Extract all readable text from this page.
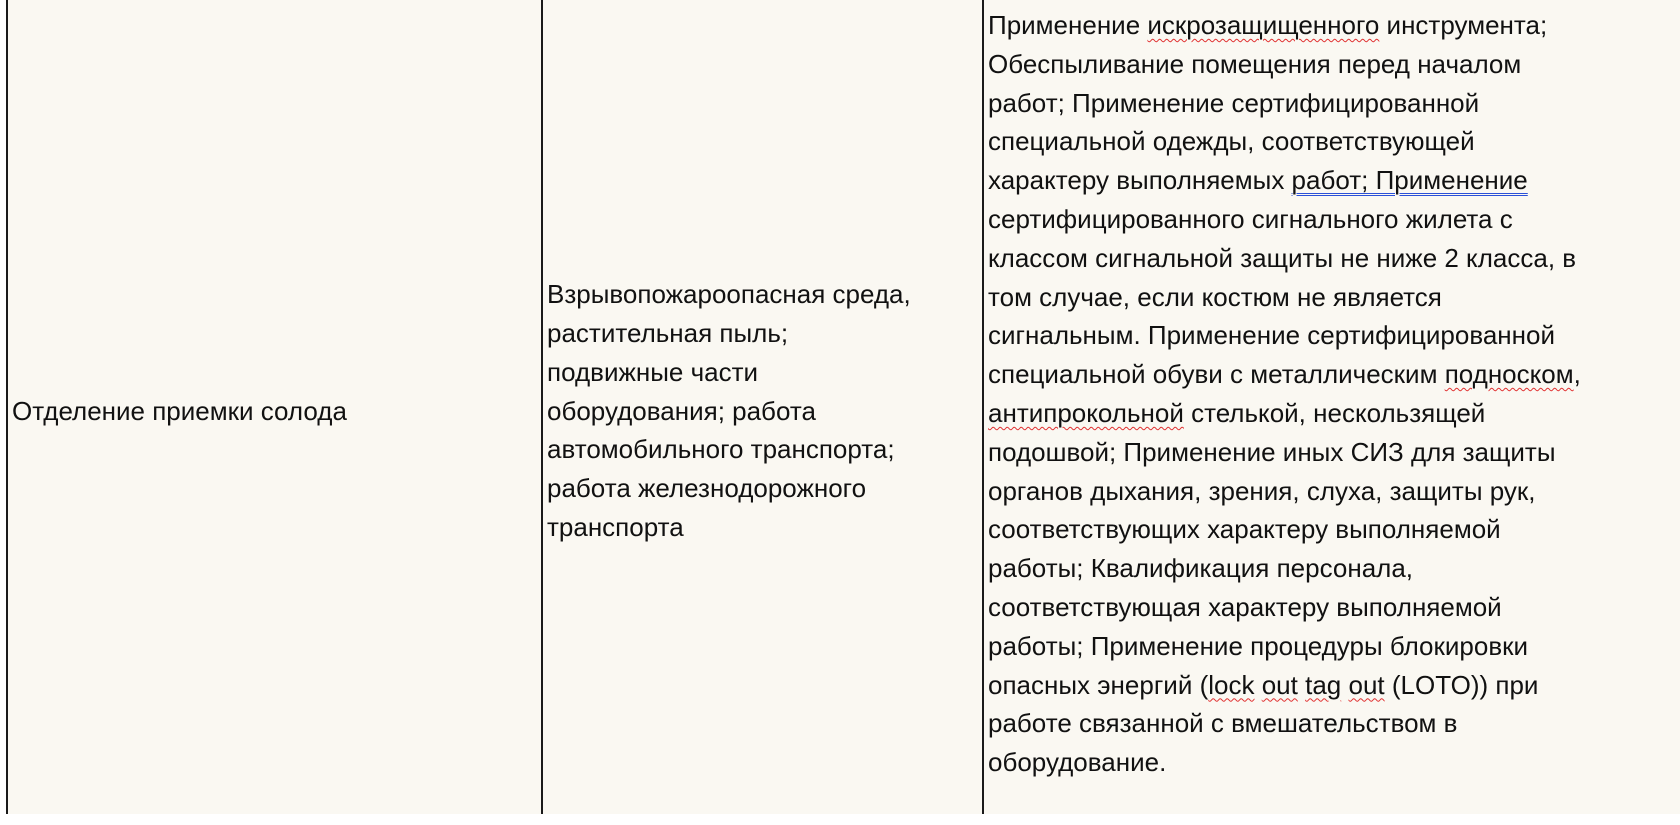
Отделение приемки солода	Взрывопожароопасная среда,
растительная пыль;
подвижные части
оборудования; работа
автомобильного транспорта;
работа железнодорожного
транспорта	Применение искрозащищенного инструмента;
Обеспыливание помещения перед началом
работ; Применение сертифицированной
специальной одежды, соответствующей
характеру выполняемых работ; Применение
сертифицированного сигнального жилета с
классом сигнальной защиты не ниже 2 класса, в
том случае, если костюм не является
сигнальным. Применение сертифицированной
специальной обуви с металлическим подноском,
антипрокольной стелькой, нескользящей
подошвой; Применение иных СИЗ для защиты
органов дыхания, зрения, слуха, защиты рук,
соответствующих характеру выполняемой
работы; Квалификация персонала,
соответствующая характеру выполняемой
работы; Применение процедуры блокировки
опасных энергий (lock out tag out (LOTO)) при
работе связанной с вмешательством в
оборудование.
